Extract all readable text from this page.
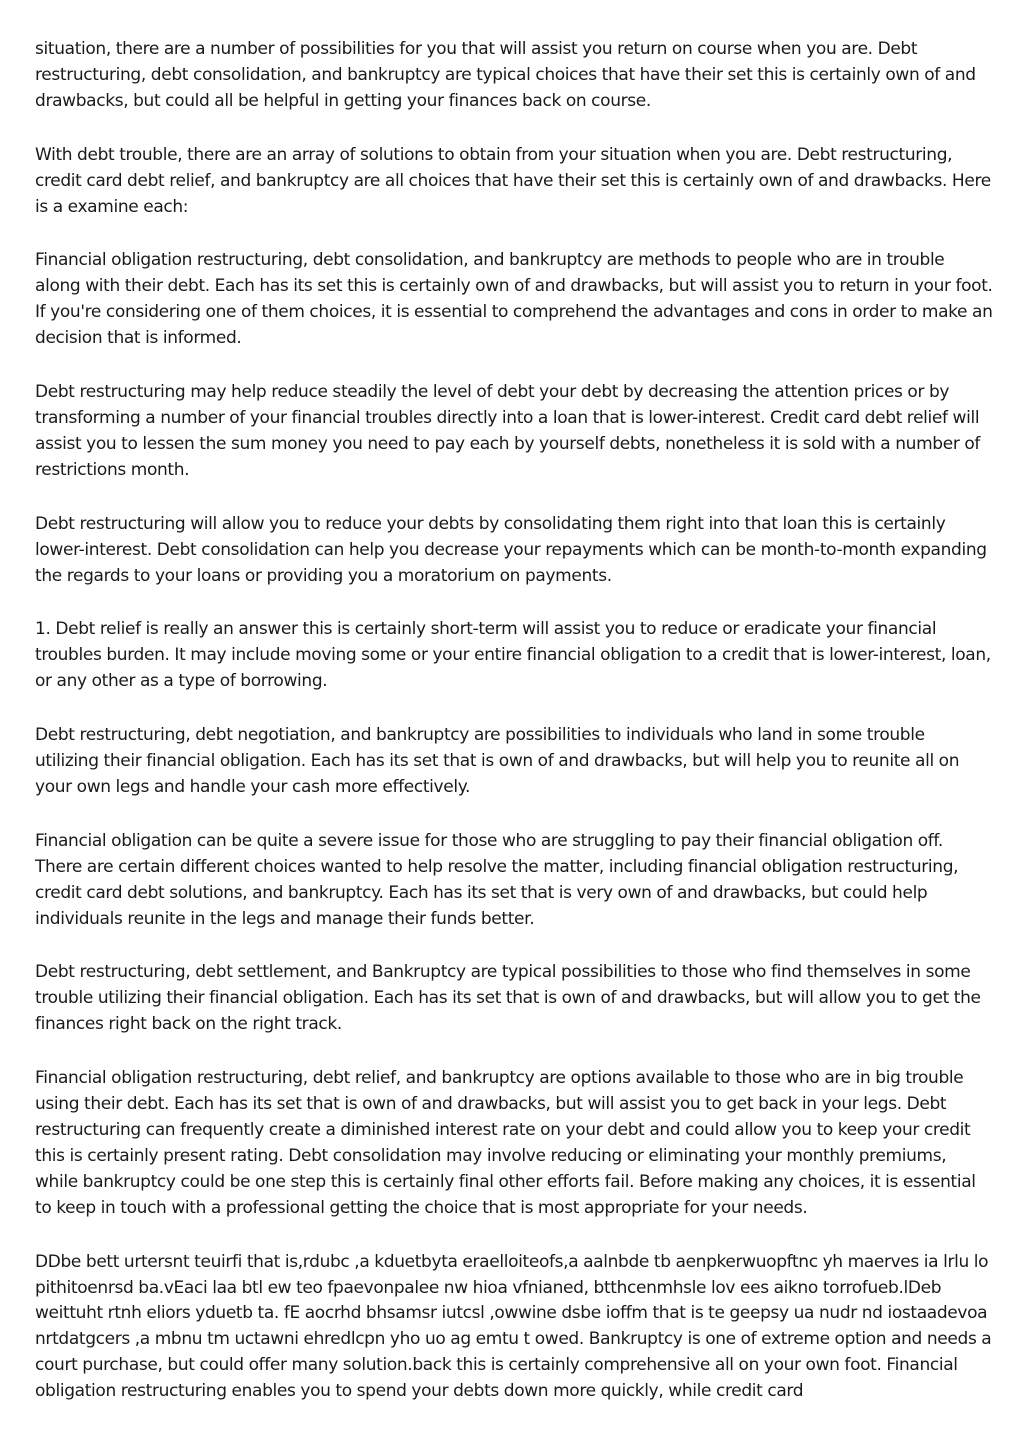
situation, there are a number of possibilities for you that will assist you return on course when you are. Debt restructuring, debt consolidation, and bankruptcy are typical choices that have their set this is certainly own of and drawbacks, but could all be helpful in getting your finances back on course.

With debt trouble, there are an array of solutions to obtain from your situation when you are. Debt restructuring, credit card debt relief, and bankruptcy are all choices that have their set this is certainly own of and drawbacks. Here is a examine each:

Financial obligation restructuring, debt consolidation, and bankruptcy are methods to people who are in trouble along with their debt. Each has its set this is certainly own of and drawbacks, but will assist you to return in your foot. If you're considering one of them choices, it is essential to comprehend the advantages and cons in order to make an decision that is informed.

Debt restructuring may help reduce steadily the level of debt your debt by decreasing the attention prices or by transforming a number of your financial troubles directly into a loan that is lower-interest. Credit card debt relief will assist you to lessen the sum money you need to pay each by yourself debts, nonetheless it is sold with a number of restrictions month.

Debt restructuring will allow you to reduce your debts by consolidating them right into that loan this is certainly lower-interest. Debt consolidation can help you decrease your repayments which can be month-to-month expanding the regards to your loans or providing you a moratorium on payments.

1. Debt relief is really an answer this is certainly short-term will assist you to reduce or eradicate your financial troubles burden. It may include moving some or your entire financial obligation to a credit that is lower-interest, loan, or any other as a type of borrowing.

Debt restructuring, debt negotiation, and bankruptcy are possibilities to individuals who land in some trouble utilizing their financial obligation. Each has its set that is own of and drawbacks, but will help you to reunite all on your own legs and handle your cash more effectively.

Financial obligation can be quite a severe issue for those who are struggling to pay their financial obligation off. There are certain different choices wanted to help resolve the matter, including financial obligation restructuring, credit card debt solutions, and bankruptcy. Each has its set that is very own of and drawbacks, but could help individuals reunite in the legs and manage their funds better.

Debt restructuring, debt settlement, and Bankruptcy are typical possibilities to those who find themselves in some trouble utilizing their financial obligation. Each has its set that is own of and drawbacks, but will allow you to get the finances right back on the right track.

Financial obligation restructuring, debt relief, and bankruptcy are options available to those who are in big trouble using their debt. Each has its set that is own of and drawbacks, but will assist you to get back in your legs. Debt restructuring can frequently create a diminished interest rate on your debt and could allow you to keep your credit this is certainly present rating. Debt consolidation may involve reducing or eliminating your monthly premiums, while bankruptcy could be one step this is certainly final other efforts fail. Before making any choices, it is essential to keep in touch with a professional getting the choice that is most appropriate for your needs.

DDbe bett urtersnt teuirfi that is,rdubc ,a kduetbyta eraelloiteofs,a aalnbde tb aenpkerwuopftnc yh maerves ia lrlu lo pithitoenrsd ba.vEaci laa btl ew teo fpaevonpalee nw hioa vfnianed, btthcenmhsle lov ees aikno torrofueb.lDeb weittuht rtnh eliors yduetb ta. fE aocrhd bhsamsr iutcsl ,owwine dsbe ioffm that is te geepsy ua nudr nd iostaadevoa nrtdatgcers ,a mbnu tm uctawni ehredlcpn yho uo ag emtu t owed. Bankruptcy is one of extreme option and needs a court purchase, but could offer many solution.back this is certainly comprehensive all on your own foot. Financial obligation restructuring enables you to spend your debts down more quickly, while credit card
